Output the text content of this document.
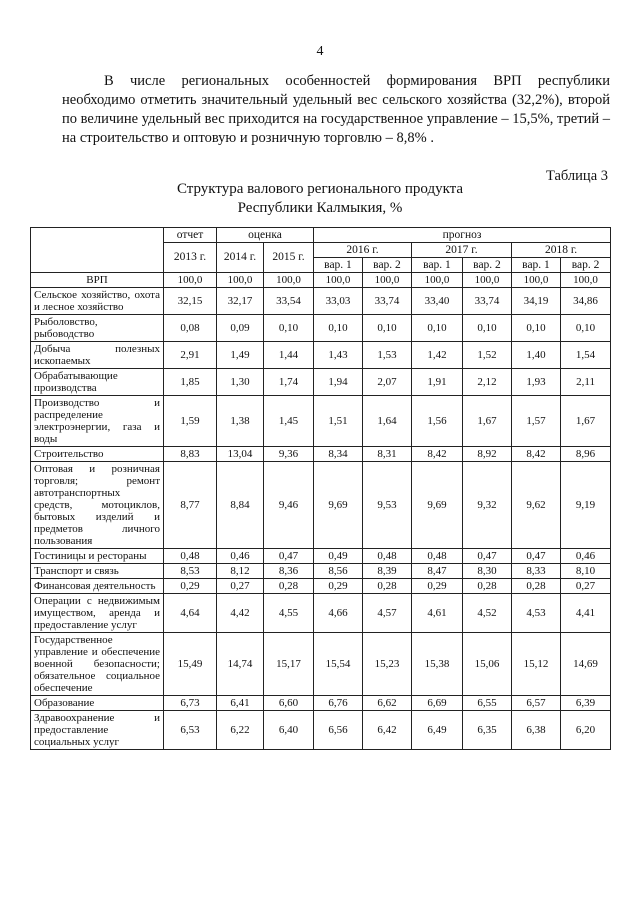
4

В числе региональных особенностей формирования ВРП республики необходимо отметить значительный удельный вес сельского хозяйства (32,2%), второй по величине удельный вес приходится на государственное управление – 15,5%, третий – на строительство и оптовую и розничную торговлю – 8,8% .

Таблица 3
Структура валового регионального продукта
Республики Калмыкия, %
	отчет	оценка		прогноз					
	2013 г.	2014 г.	2015 г.	2016 г.		2017 г.		2018 г.	
				вар. 1	вар. 2	вар. 1	вар. 2	вар. 1	вар. 2
ВРП	100,0	100,0	100,0	100,0	100,0	100,0	100,0	100,0	100,0
Сельское хозяйство, охота и лесное хозяйство	32,15	32,17	33,54	33,03	33,74	33,40	33,74	34,19	34,86
Рыболовство, рыбоводство	0,08	0,09	0,10	0,10	0,10	0,10	0,10	0,10	0,10
Добыча полезных ископаемых	2,91	1,49	1,44	1,43	1,53	1,42	1,52	1,40	1,54
Обрабатывающие производства	1,85	1,30	1,74	1,94	2,07	1,91	2,12	1,93	2,11
Производство и распределение электроэнергии, газа и воды	1,59	1,38	1,45	1,51	1,64	1,56	1,67	1,57	1,67
Строительство	8,83	13,04	9,36	8,34	8,31	8,42	8,92	8,42	8,96
Оптовая и розничная торговля; ремонт автотранспортных средств, мотоциклов, бытовых изделий и предметов личного пользования	8,77	8,84	9,46	9,69	9,53	9,69	9,32	9,62	9,19
Гостиницы и рестораны	0,48	0,46	0,47	0,49	0,48	0,48	0,47	0,47	0,46
Транспорт и связь	8,53	8,12	8,36	8,56	8,39	8,47	8,30	8,33	8,10
Финансовая деятельность	0,29	0,27	0,28	0,29	0,28	0,29	0,28	0,28	0,27
Операции с недвижимым имуществом, аренда и предоставление услуг	4,64	4,42	4,55	4,66	4,57	4,61	4,52	4,53	4,41
Государственное управление и обеспечение военной безопасности; обязательное социальное обеспечение	15,49	14,74	15,17	15,54	15,23	15,38	15,06	15,12	14,69
Образование	6,73	6,41	6,60	6,76	6,62	6,69	6,55	6,57	6,39
Здравоохранение и предоставление социальных услуг	6,53	6,22	6,40	6,56	6,42	6,49	6,35	6,38	6,20
